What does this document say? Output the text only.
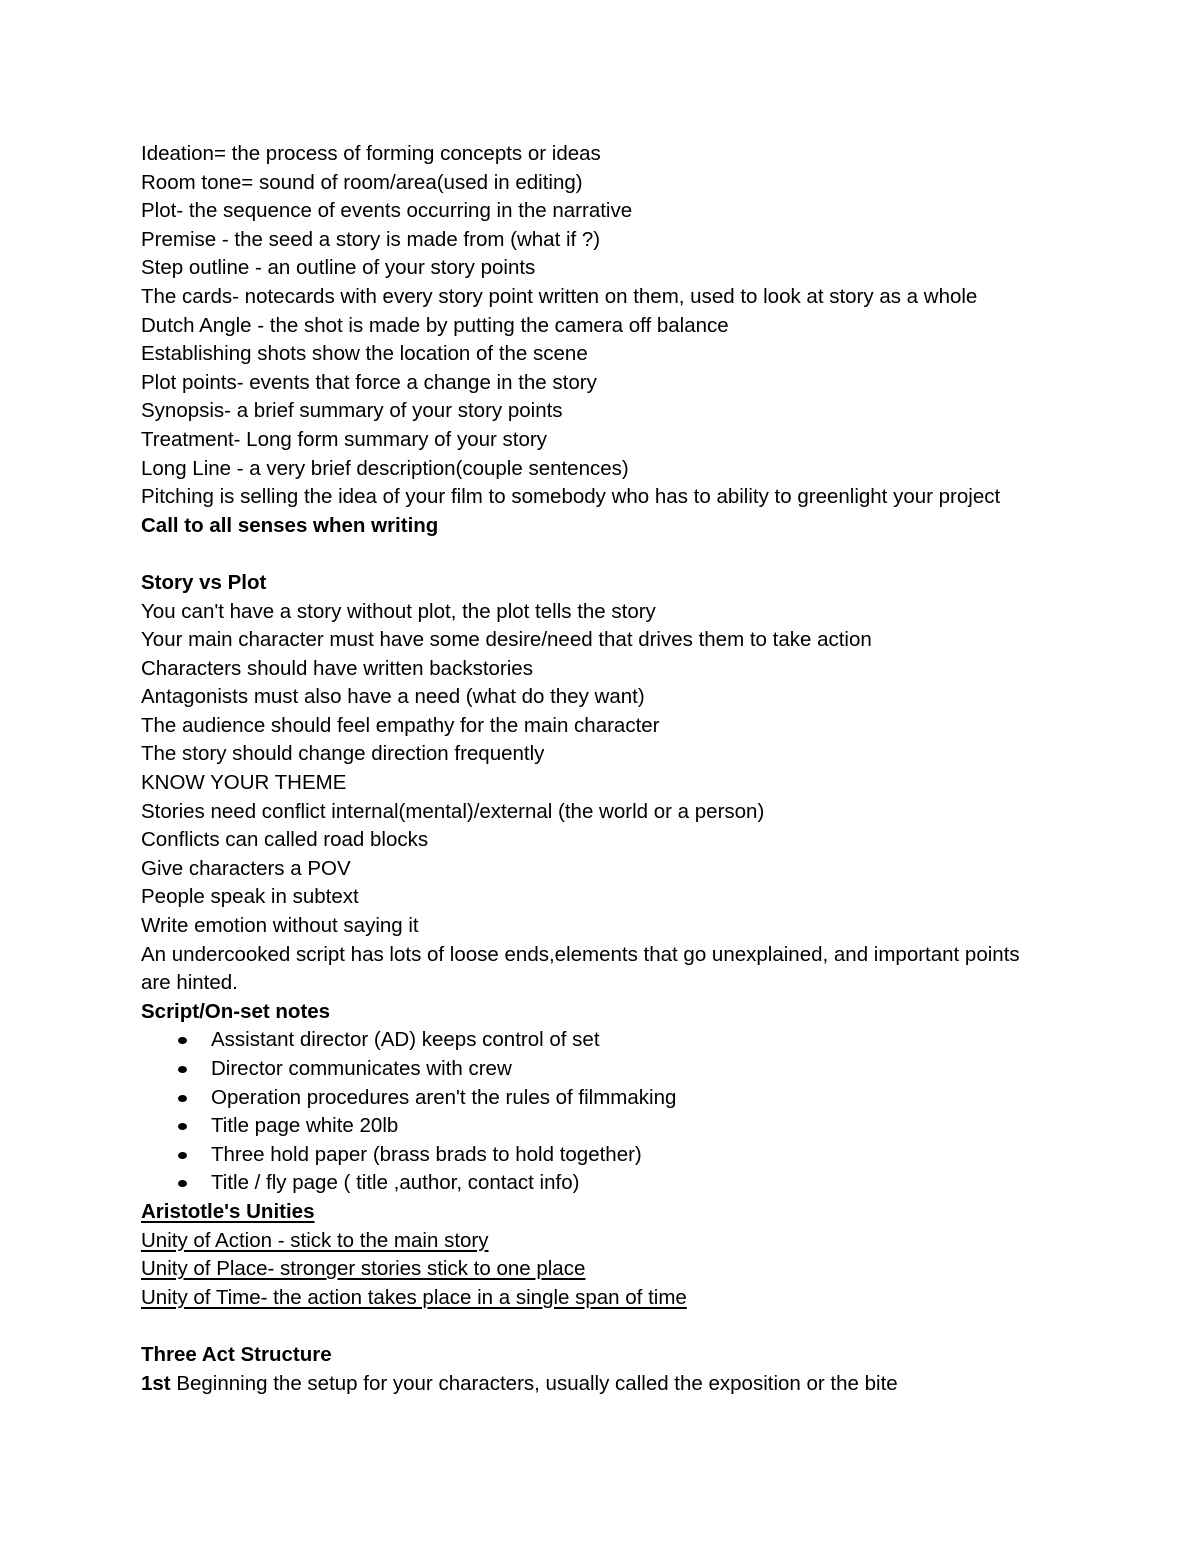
Ideation= the process of forming concepts or ideas

Room tone= sound of room/area(used in editing)

Plot- the sequence of events occurring in the narrative

Premise - the seed a story is made from (what if ?)

Step outline - an outline of your story points

The cards- notecards with every story point written on them, used to look at story as a whole

Dutch Angle - the shot is made by putting the camera off balance

Establishing shots show the location of the scene

Plot points- events that force a change in the story

Synopsis- a brief summary of your story points

Treatment- Long form summary of your story

Long Line - a very brief description(couple sentences)

Pitching is selling the idea of your film to somebody who has to ability to greenlight your project

Call to all senses when writing

Story vs Plot

You can't have a story without plot, the plot tells the story

Your main character must have some desire/need that drives them to take action

Characters should have written backstories

Antagonists must also have a need (what do they want)

The audience should feel empathy for the main character

The story should change direction frequently

KNOW YOUR THEME

Stories need conflict internal(mental)/external (the world or a person)

Conflicts can called road blocks

Give characters a POV

People speak in subtext

Write emotion without saying it

An undercooked script has lots of loose ends,elements that go unexplained, and important points are hinted.

Script/On-set notes

Assistant director (AD) keeps control of set
Director communicates with crew
Operation procedures aren't the rules of filmmaking
Title page white 20lb
Three hold paper (brass brads to hold together)
Title / fly page ( title ,author, contact info)

Aristotle's Unities

Unity of Action - stick to the main story

Unity of Place- stronger stories stick to one place

Unity of Time- the action takes place in a single span of time

Three Act Structure

1st Beginning the setup for your characters, usually called the exposition or the bite
